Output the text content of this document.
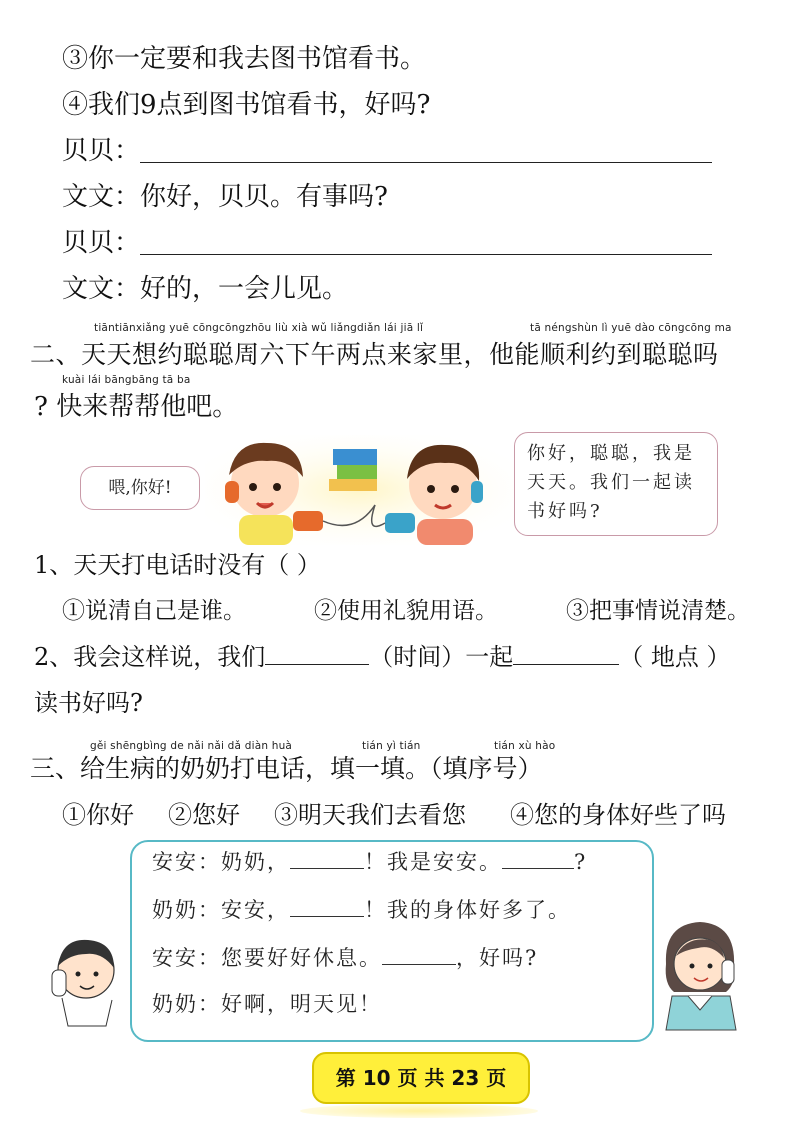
③你一定要和我去图书馆看书。
④我们9点到图书馆看书，好吗?
贝贝：
文文：你好，贝贝。有事吗?
贝贝：
文文：好的，一会儿见。
tiāntiānxiǎng yuē cōngcōngzhōu liù xià wǔ liǎngdiǎn lái jiā lǐ	tā néngshùn lì yuē dào cōngcōng ma
二、天天想约聪聪周六下午两点来家里，他能顺利约到聪聪吗
kuài lái bāngbāng tā ba
? 快来帮帮他吧。
喂,你好!
你好，聪聪，我是
天天。我们一起读
书好吗?
1、天天打电话时没有（ ）
①说清自己是谁。	②使用礼貌用语。	③把事情说清楚。
2、我会这样说，我们	（时间）一起	（ 地点 ）
读书好吗?
gěi shēngbìng de nǎi nǎi dǎ diàn huà	tián yì tián	tián xù hào
三、给生病的奶奶打电话，填一填。（填序号）
①你好 ②您好 ③明天我们去看您 ④您的身体好些了吗
安安：奶奶，	！我是安安。	?
奶奶：安安，	！我的身体好多了。
安安：您要好好休息。	，好吗?
奶奶：好啊，明天见！
第 10 页 共 23 页
